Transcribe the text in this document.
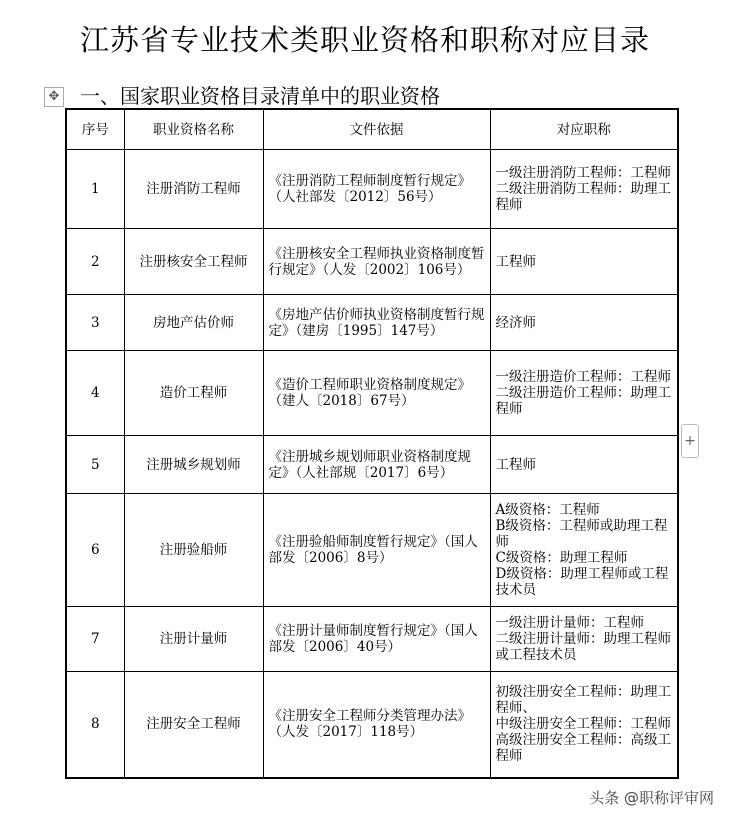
江苏省专业技术类职业资格和职称对应目录
✥ 一、国家职业资格目录清单中的职业资格
序号	职业资格名称	文件依据	对应职称
1	注册消防工程师	《注册消防工程师制度暂行规定》（人社部发〔2012〕56号）	一级注册消防工程师：工程师
二级注册消防工程师：助理工程师
2	注册核安全工程师	《注册核安全工程师执业资格制度暂行规定》（人发〔2002〕106号）	工程师
3	房地产估价师	《房地产估价师执业资格制度暂行规定》（建房〔1995〕147号）	经济师
4	造价工程师	《造价工程师职业资格制度规定》（建人〔2018〕67号）	一级注册造价工程师：工程师
二级注册造价工程师：助理工程师
5	注册城乡规划师	《注册城乡规划师职业资格制度规定》（人社部规〔2017〕6号）	工程师
6	注册验船师	《注册验船师制度暂行规定》（国人部发〔2006〕8号）	A级资格：工程师
B级资格：工程师或助理工程师
C级资格：助理工程师
D级资格：助理工程师或工程技术员
7	注册计量师	《注册计量师制度暂行规定》（国人部发〔2006〕40号）	一级注册计量师：工程师
二级注册计量师：助理工程师或工程技术员
8	注册安全工程师	《注册安全工程师分类管理办法》（人发〔2017〕118号）	初级注册安全工程师：助理工程师、
中级注册安全工程师：工程师
高级注册安全工程师：高级工程师
+
头条 @职称评审网
